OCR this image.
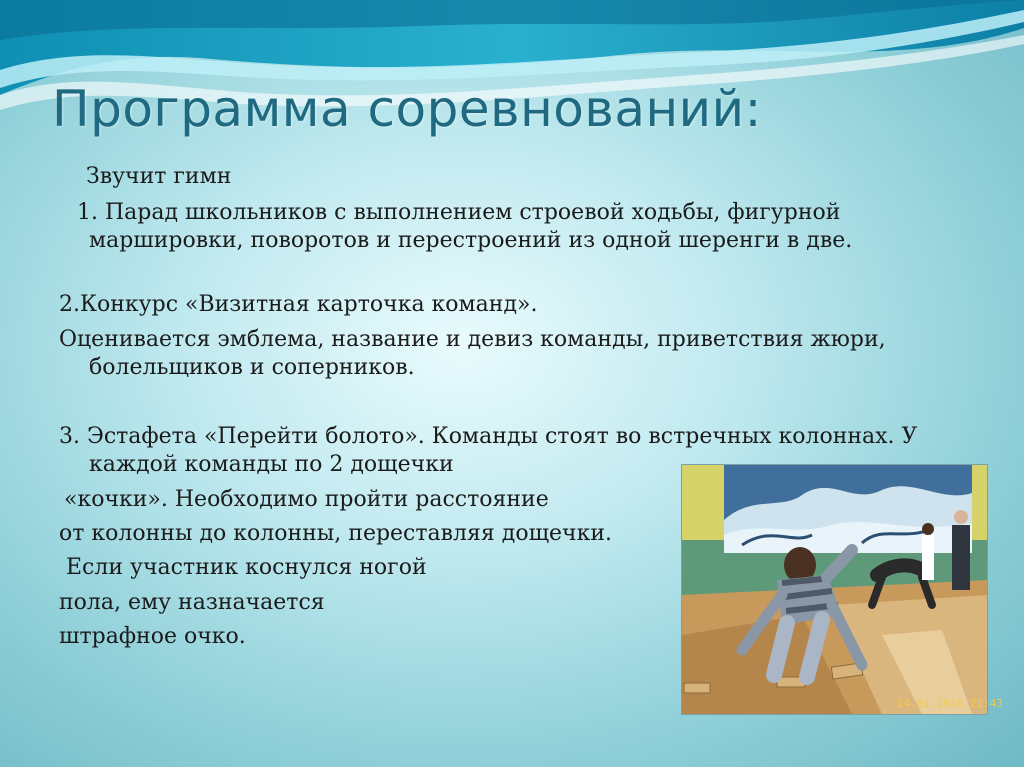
Программа соревнований:

Звучит гимн

1. Парад школьников с выполнением строевой ходьбы, фигурной

маршировки, поворотов и перестроений из одной шеренги в две.

2.Конкурс «Визитная карточка команд».

Оценивается эмблема, название и девиз команды, приветствия жюри,

болельщиков и соперников.

3. Эстафета «Перейти болото». Команды стоят во встречных колоннах. У

каждой команды по 2 дощечки

«кочки». Необходимо пройти расстояние

от колонны до колонны, переставляя дощечки.

Если участник коснулся ногой

пола, ему назначается

штрафное очко.

14.01.2018 22:43
